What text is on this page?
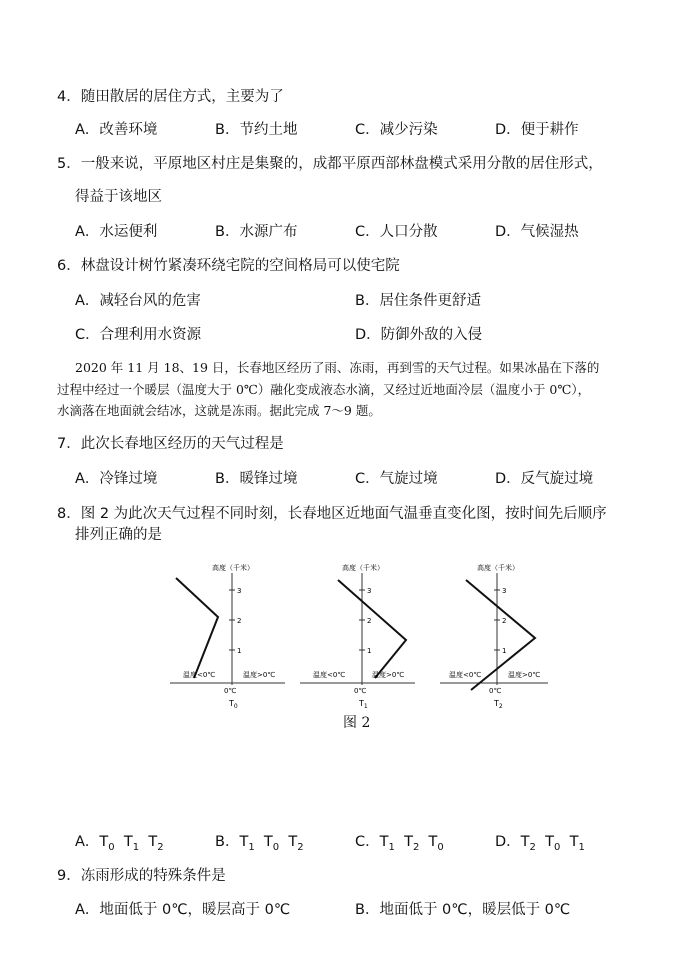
4．随田散居的居住方式，主要为了
A．改善环境	B．节约土地	C．减少污染	D．便于耕作
5．一般来说，平原地区村庄是集聚的，成都平原西部林盘模式采用分散的居住形式，
得益于该地区
A．水运便利	B．水源广布	C．人口分散	D．气候湿热
6．林盘设计树竹紧凑环绕宅院的空间格局可以使宅院
A．减轻台风的危害	B．居住条件更舒适
C．合理利用水资源	D．防御外敌的入侵
2020 年 11 月 18、19 日，长春地区经历了雨、冻雨，再到雪的天气过程。如果冰晶在下落的
过程中经过一个暖层（温度大于 0℃）融化变成液态水滴，又经过近地面冷层（温度小于 0℃），
水滴落在地面就会结冰，这就是冻雨。据此完成 7～9 题。
7．此次长春地区经历的天气过程是
A．冷锋过境	B．暖锋过境	C．气旋过境	D．反气旋过境
8．图 2 为此次天气过程不同时刻，长春地区近地面气温垂直变化图，按时间先后顺序
排列正确的是
高度（千米）
3
2
1
温度<0℃	温度>0℃
0℃
$T_0$
高度（千米）
3
2
1
温度<0℃	温度>0℃
0℃
$T_1$
高度（千米）
3
2
1
温度<0℃	温度>0℃
0℃
$T_2$
图 2
A．$T_0$ $T_1$ $T_2$	B．$T_1$ $T_0$ $T_2$	C．$T_1$ $T_2$ $T_0$	D．$T_2$ $T_0$ $T_1$
9．冻雨形成的特殊条件是
A．地面低于 0℃，暖层高于 0℃	B．地面低于 0℃，暖层低于 0℃
